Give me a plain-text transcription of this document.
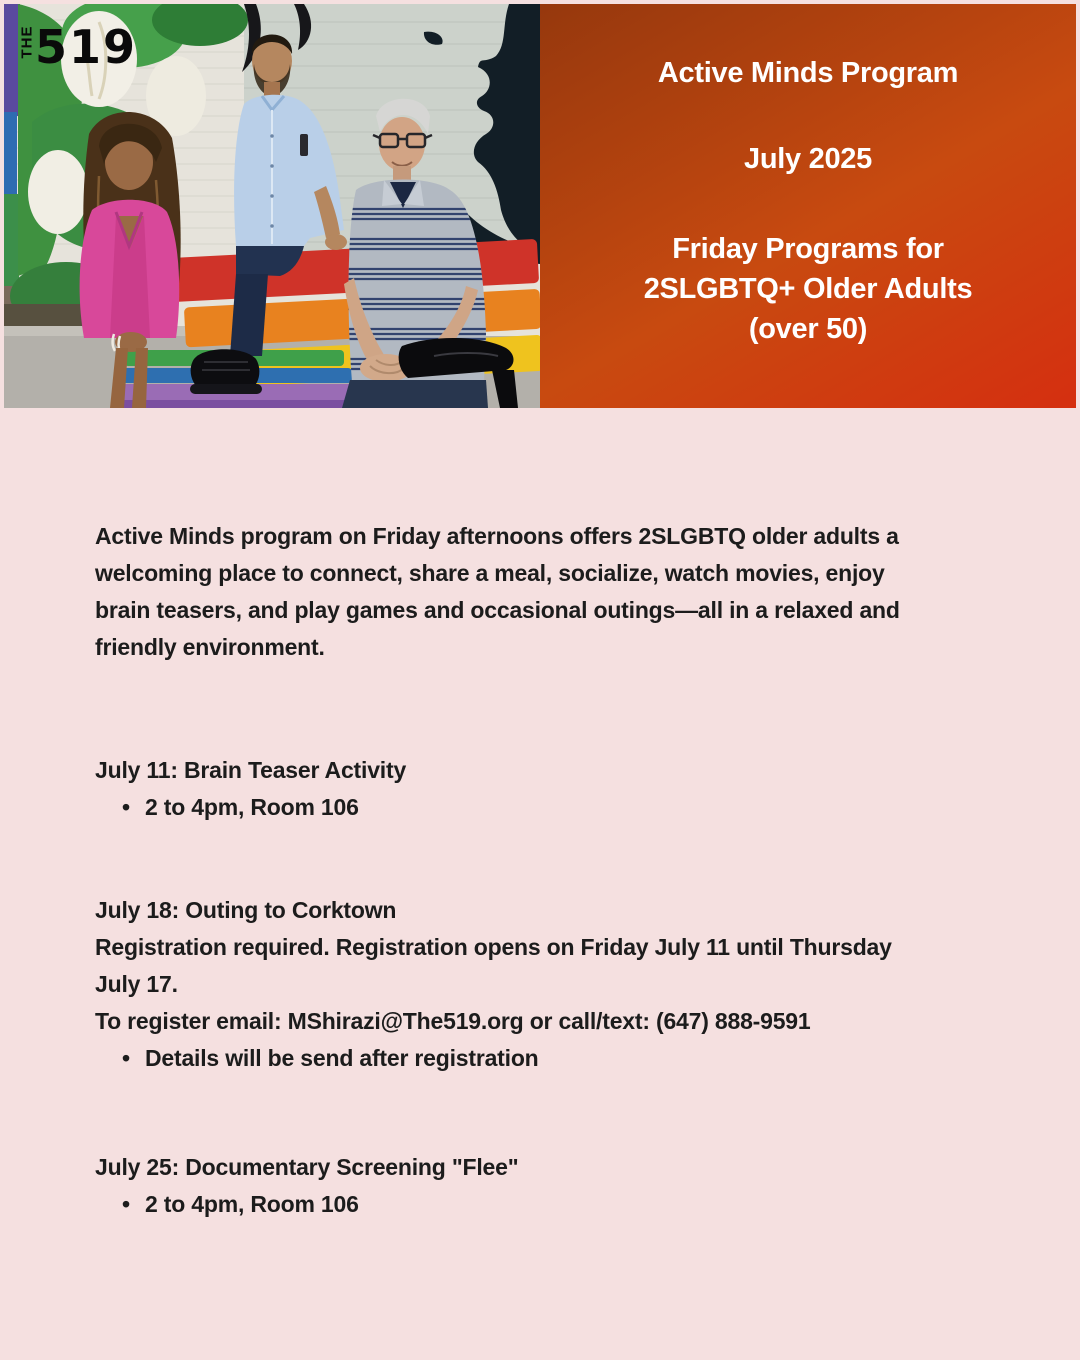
THE 519	Active Minds Program
July 2025
Friday Programs for
2SLGBTQ+ Older Adults
(over 50)
Active Minds program on Friday afternoons offers 2SLGBTQ older adults a
welcoming place to connect, share a meal, socialize, watch movies, enjoy
brain teasers, and play games and occasional outings—all in a relaxed and
friendly environment.
July 11: Brain Teaser Activity
• 2 to 4pm, Room 106
July 18: Outing to Corktown
Registration required. Registration opens on Friday July 11 until Thursday
July 17.
To register email: MShirazi@The519.org or call/text: (647) 888-9591
• Details will be send after registration
July 25: Documentary Screening "Flee"
• 2 to 4pm, Room 106
